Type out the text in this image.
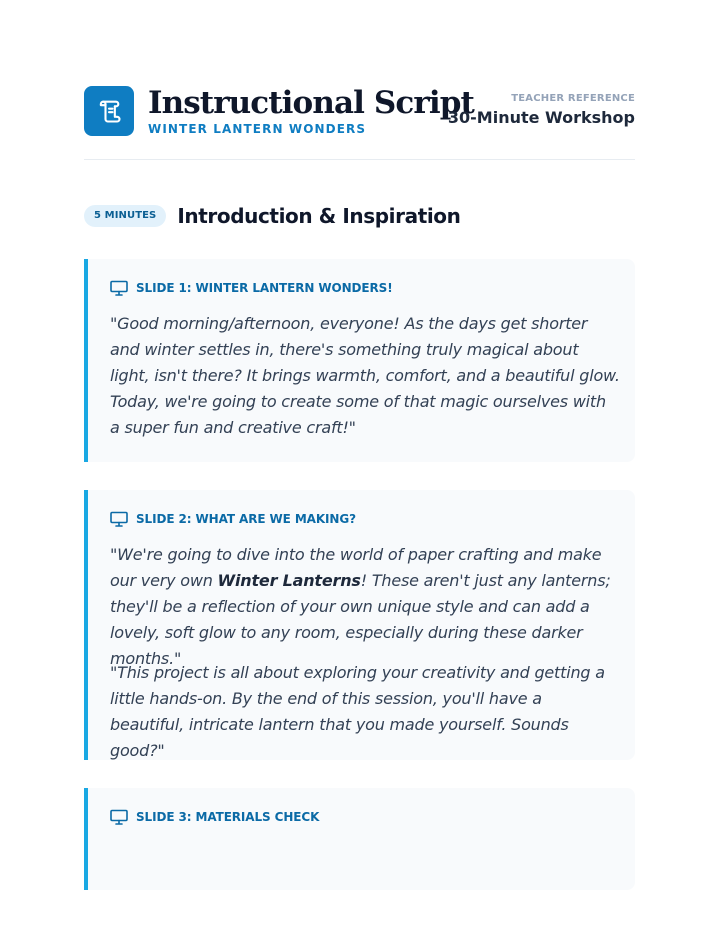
Instructional Script
WINTER LANTERN WONDERS
TEACHER REFERENCE
30-Minute Workshop
5 MINUTES	Introduction & Inspiration
SLIDE 1: WINTER LANTERN WONDERS!

"Good morning/afternoon, everyone! As the days get shorter and winter settles in, there's something truly magical about light, isn't there? It brings warmth, comfort, and a beautiful glow. Today, we're going to create some of that magic ourselves with a super fun and creative craft!"

SLIDE 2: WHAT ARE WE MAKING?

"We're going to dive into the world of paper crafting and make our very own Winter Lanterns! These aren't just any lanterns; they'll be a reflection of your own unique style and can add a lovely, soft glow to any room, especially during these darker months."

"This project is all about exploring your creativity and getting a little hands-on. By the end of this session, you'll have a beautiful, intricate lantern that you made yourself. Sounds good?"

SLIDE 3: MATERIALS CHECK
